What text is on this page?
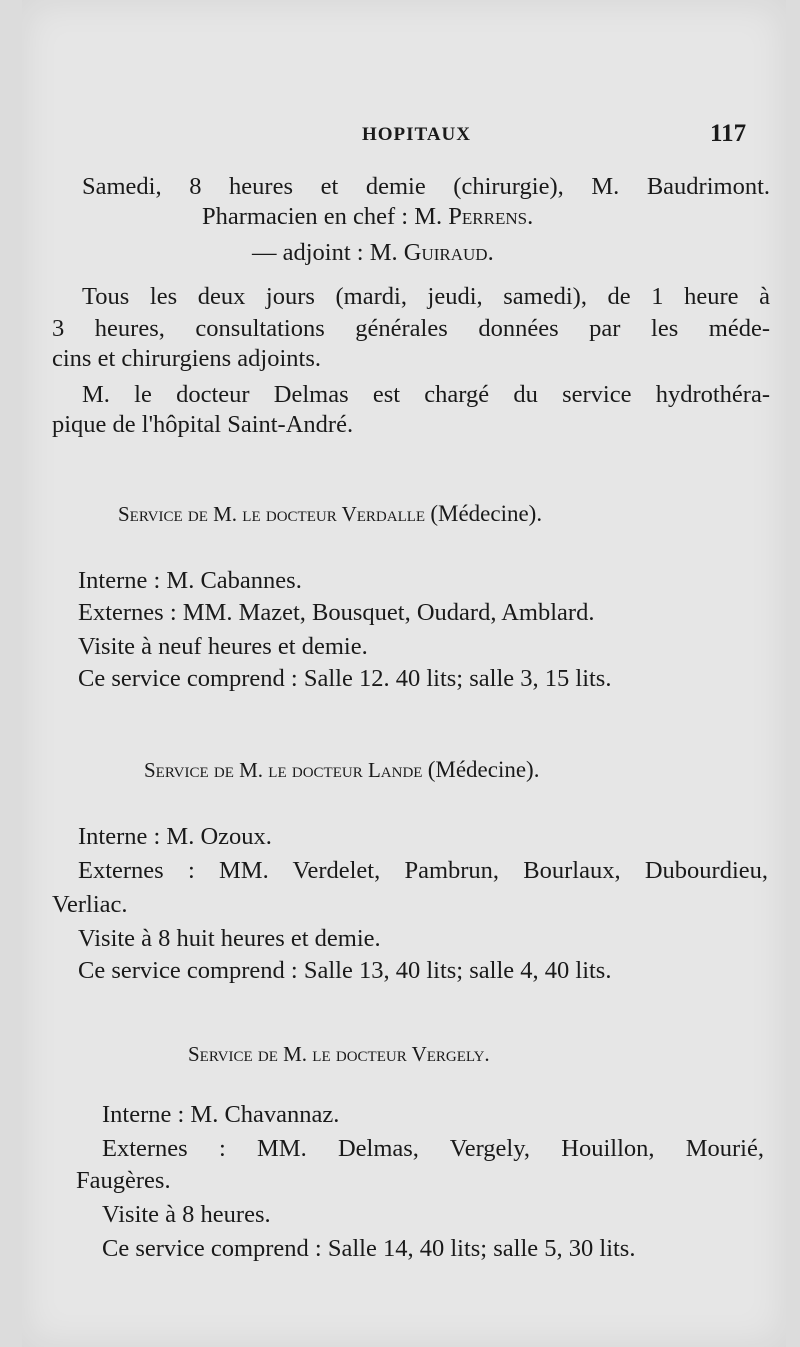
HOPITAUX	117
Samedi, 8 heures et demie (chirurgie), M. Baudrimont.
Pharmacien en chef : M. Perrens.
— adjoint : M. Guiraud.
Tous les deux jours (mardi, jeudi, samedi), de 1 heure à
3 heures, consultations générales données par les méde-
cins et chirurgiens adjoints.
M. le docteur Delmas est chargé du service hydrothéra-
pique de l'hôpital Saint-André.
Service de M. le docteur Verdalle (Médecine).
Interne : M. Cabannes.
Externes : MM. Mazet, Bousquet, Oudard, Amblard.
Visite à neuf heures et demie.
Ce service comprend : Salle 12. 40 lits; salle 3, 15 lits.
Service de M. le docteur Lande (Médecine).
Interne : M. Ozoux.
Externes : MM. Verdelet, Pambrun, Bourlaux, Dubourdieu,
Verliac.
Visite à 8 huit heures et demie.
Ce service comprend : Salle 13, 40 lits; salle 4, 40 lits.
Service de M. le docteur Vergely.
Interne : M. Chavannaz.
Externes : MM. Delmas, Vergely, Houillon, Mourié,
Faugères.
Visite à 8 heures.
Ce service comprend : Salle 14, 40 lits; salle 5, 30 lits.
